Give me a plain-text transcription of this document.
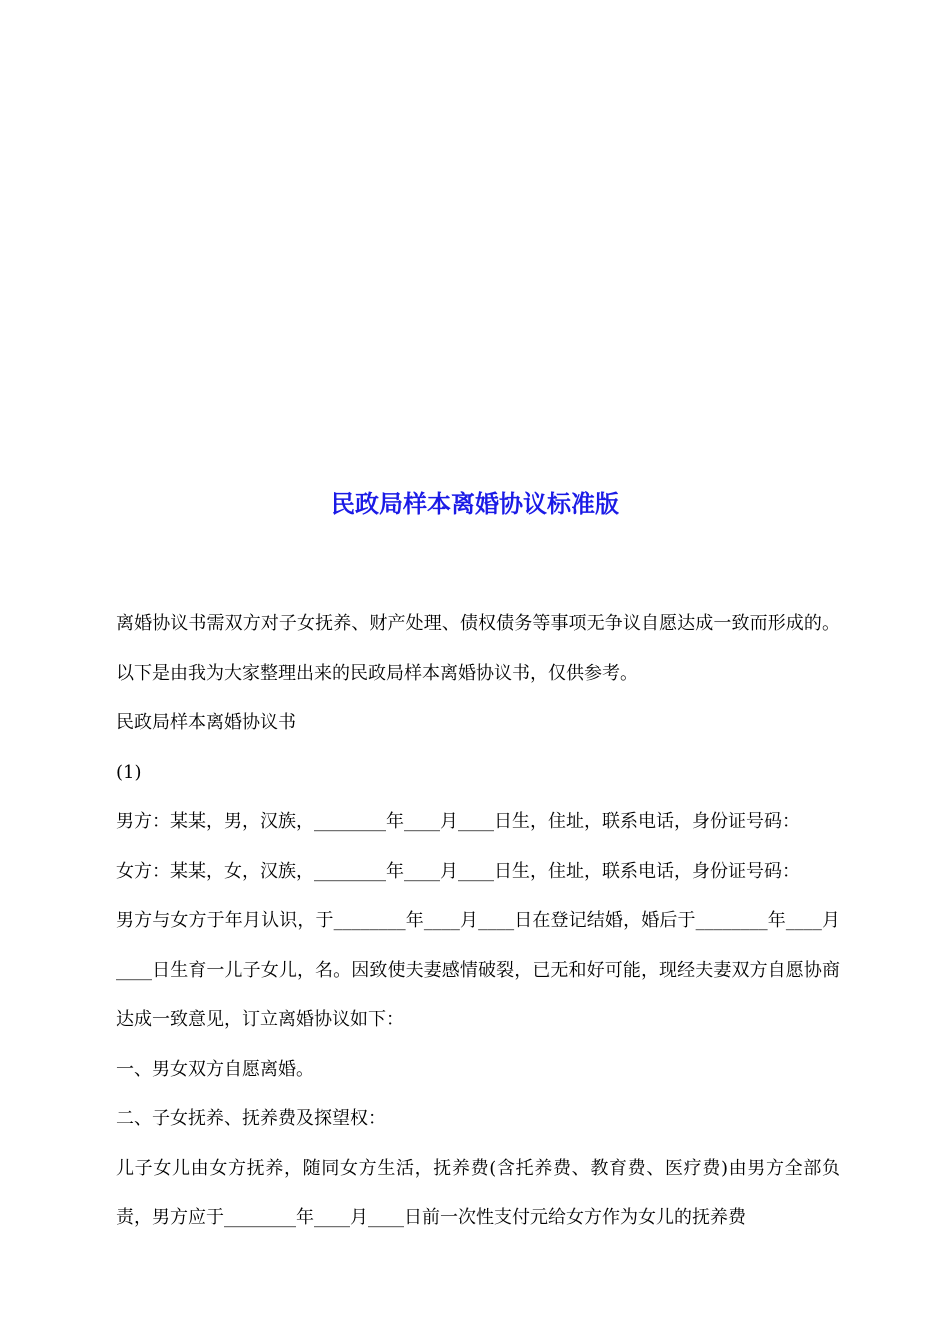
民政局样本离婚协议标准版

离婚协议书需双方对子女抚养、财产处理、债权债务等事项无争议自愿达成一致而形成的。以下是由我为大家整理出来的民政局样本离婚协议书，仅供参考。

民政局样本离婚协议书

(1)

男方：某某，男，汉族，________年____月____日生，住址，联系电话，身份证号码：

女方：某某，女，汉族，________年____月____日生，住址，联系电话，身份证号码：

男方与女方于年月认识，于________年____月____日在登记结婚，婚后于________年____月____日生育一儿子女儿，名。因致使夫妻感情破裂，已无和好可能，现经夫妻双方自愿协商达成一致意见，订立离婚协议如下：

一、男女双方自愿离婚。

二、子女抚养、抚养费及探望权：

儿子女儿由女方抚养，随同女方生活，抚养费(含托养费、教育费、医疗费)由男方全部负责，男方应于________年____月____日前一次性支付元给女方作为女儿的抚养费
